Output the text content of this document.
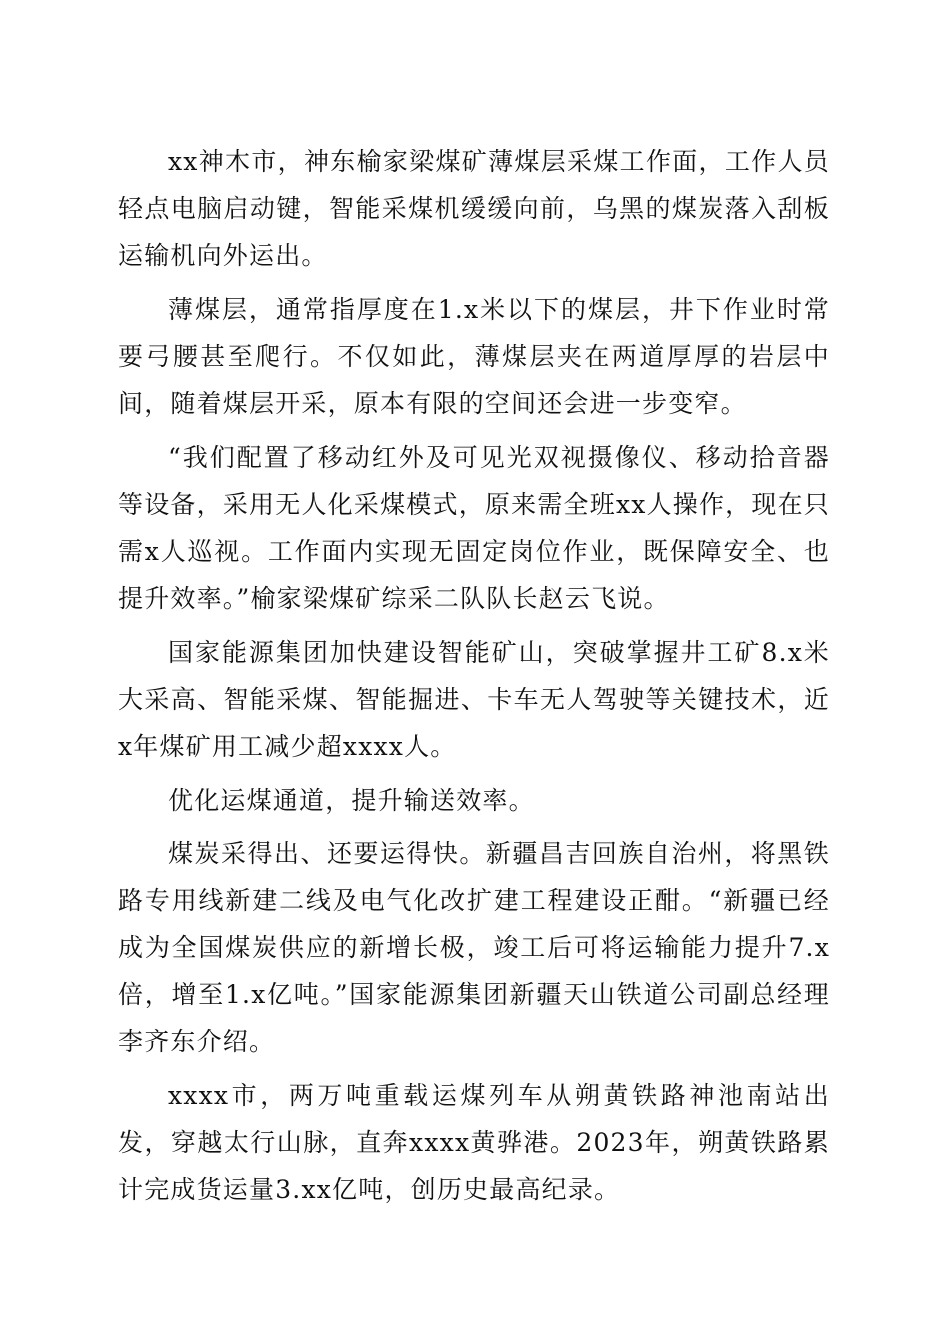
xx神木市，神东榆家梁煤矿薄煤层采煤工作面，工作人员轻点电脑启动键，智能采煤机缓缓向前，乌黑的煤炭落入刮板运输机向外运出。

薄煤层，通常指厚度在1.x米以下的煤层，井下作业时常要弓腰甚至爬行。不仅如此，薄煤层夹在两道厚厚的岩层中间，随着煤层开采，原本有限的空间还会进一步变窄。

“我们配置了移动红外及可见光双视摄像仪、移动拾音器等设备，采用无人化采煤模式，原来需全班xx人操作，现在只需x人巡视。工作面内实现无固定岗位作业，既保障安全、也提升效率。”榆家梁煤矿综采二队队长赵云飞说。

国家能源集团加快建设智能矿山，突破掌握井工矿8.x米大采高、智能采煤、智能掘进、卡车无人驾驶等关键技术，近x年煤矿用工减少超xxxx人。

优化运煤通道，提升输送效率。

煤炭采得出、还要运得快。新疆昌吉回族自治州，将黑铁路专用线新建二线及电气化改扩建工程建设正酣。“新疆已经成为全国煤炭供应的新增长极，竣工后可将运输能力提升7.x倍，增至1.x亿吨。”国家能源集团新疆天山铁道公司副总经理李齐东介绍。

xxxx市，两万吨重载运煤列车从朔黄铁路神池南站出发，穿越太行山脉，直奔xxxx黄骅港。2023年，朔黄铁路累计完成货运量3.xx亿吨，创历史最高纪录。
